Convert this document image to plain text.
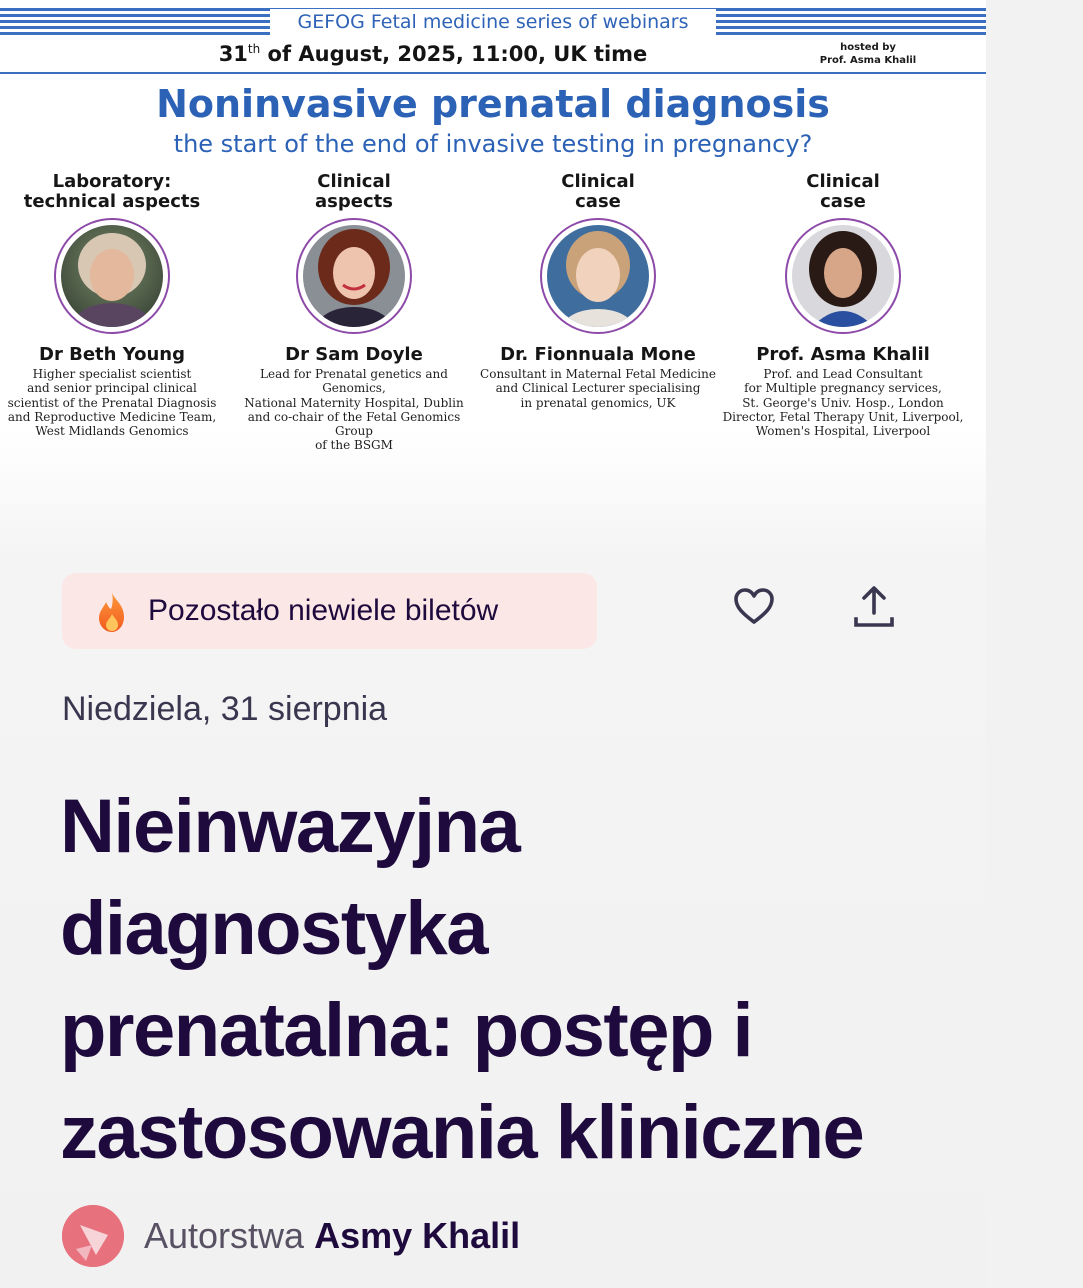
GEFOG Fetal medicine series of webinars
31th of August, 2025, 11:00, UK time	hosted by
Prof. Asma Khalil
Noninvasive prenatal diagnosis
the start of the end of invasive testing in pregnancy?
Laboratory:
technical aspects
Dr Beth Young
Higher specialist scientist
and senior principal clinical
scientist of the Prenatal Diagnosis
and Reproductive Medicine Team,
West Midlands Genomics
Clinical
aspects
Dr Sam Doyle
Lead for Prenatal genetics and Genomics,
National Maternity Hospital, Dublin
and co-chair of the Fetal Genomics Group
of the BSGM
Clinical
case
Dr. Fionnuala Mone
Consultant in Maternal Fetal Medicine
and Clinical Lecturer specialising
in prenatal genomics, UK
Clinical
case
Prof. Asma Khalil
Prof. and Lead Consultant
for Multiple pregnancy services,
St. George's Univ. Hosp., London
Director, Fetal Therapy Unit, Liverpool,
Women's Hospital, Liverpool
Pozostało niewiele biletów
Niedziela, 31 sierpnia
Nieinwazyjna
diagnostyka
prenatalna: postęp i
zastosowania kliniczne
Autorstwa Asmy Khalil
